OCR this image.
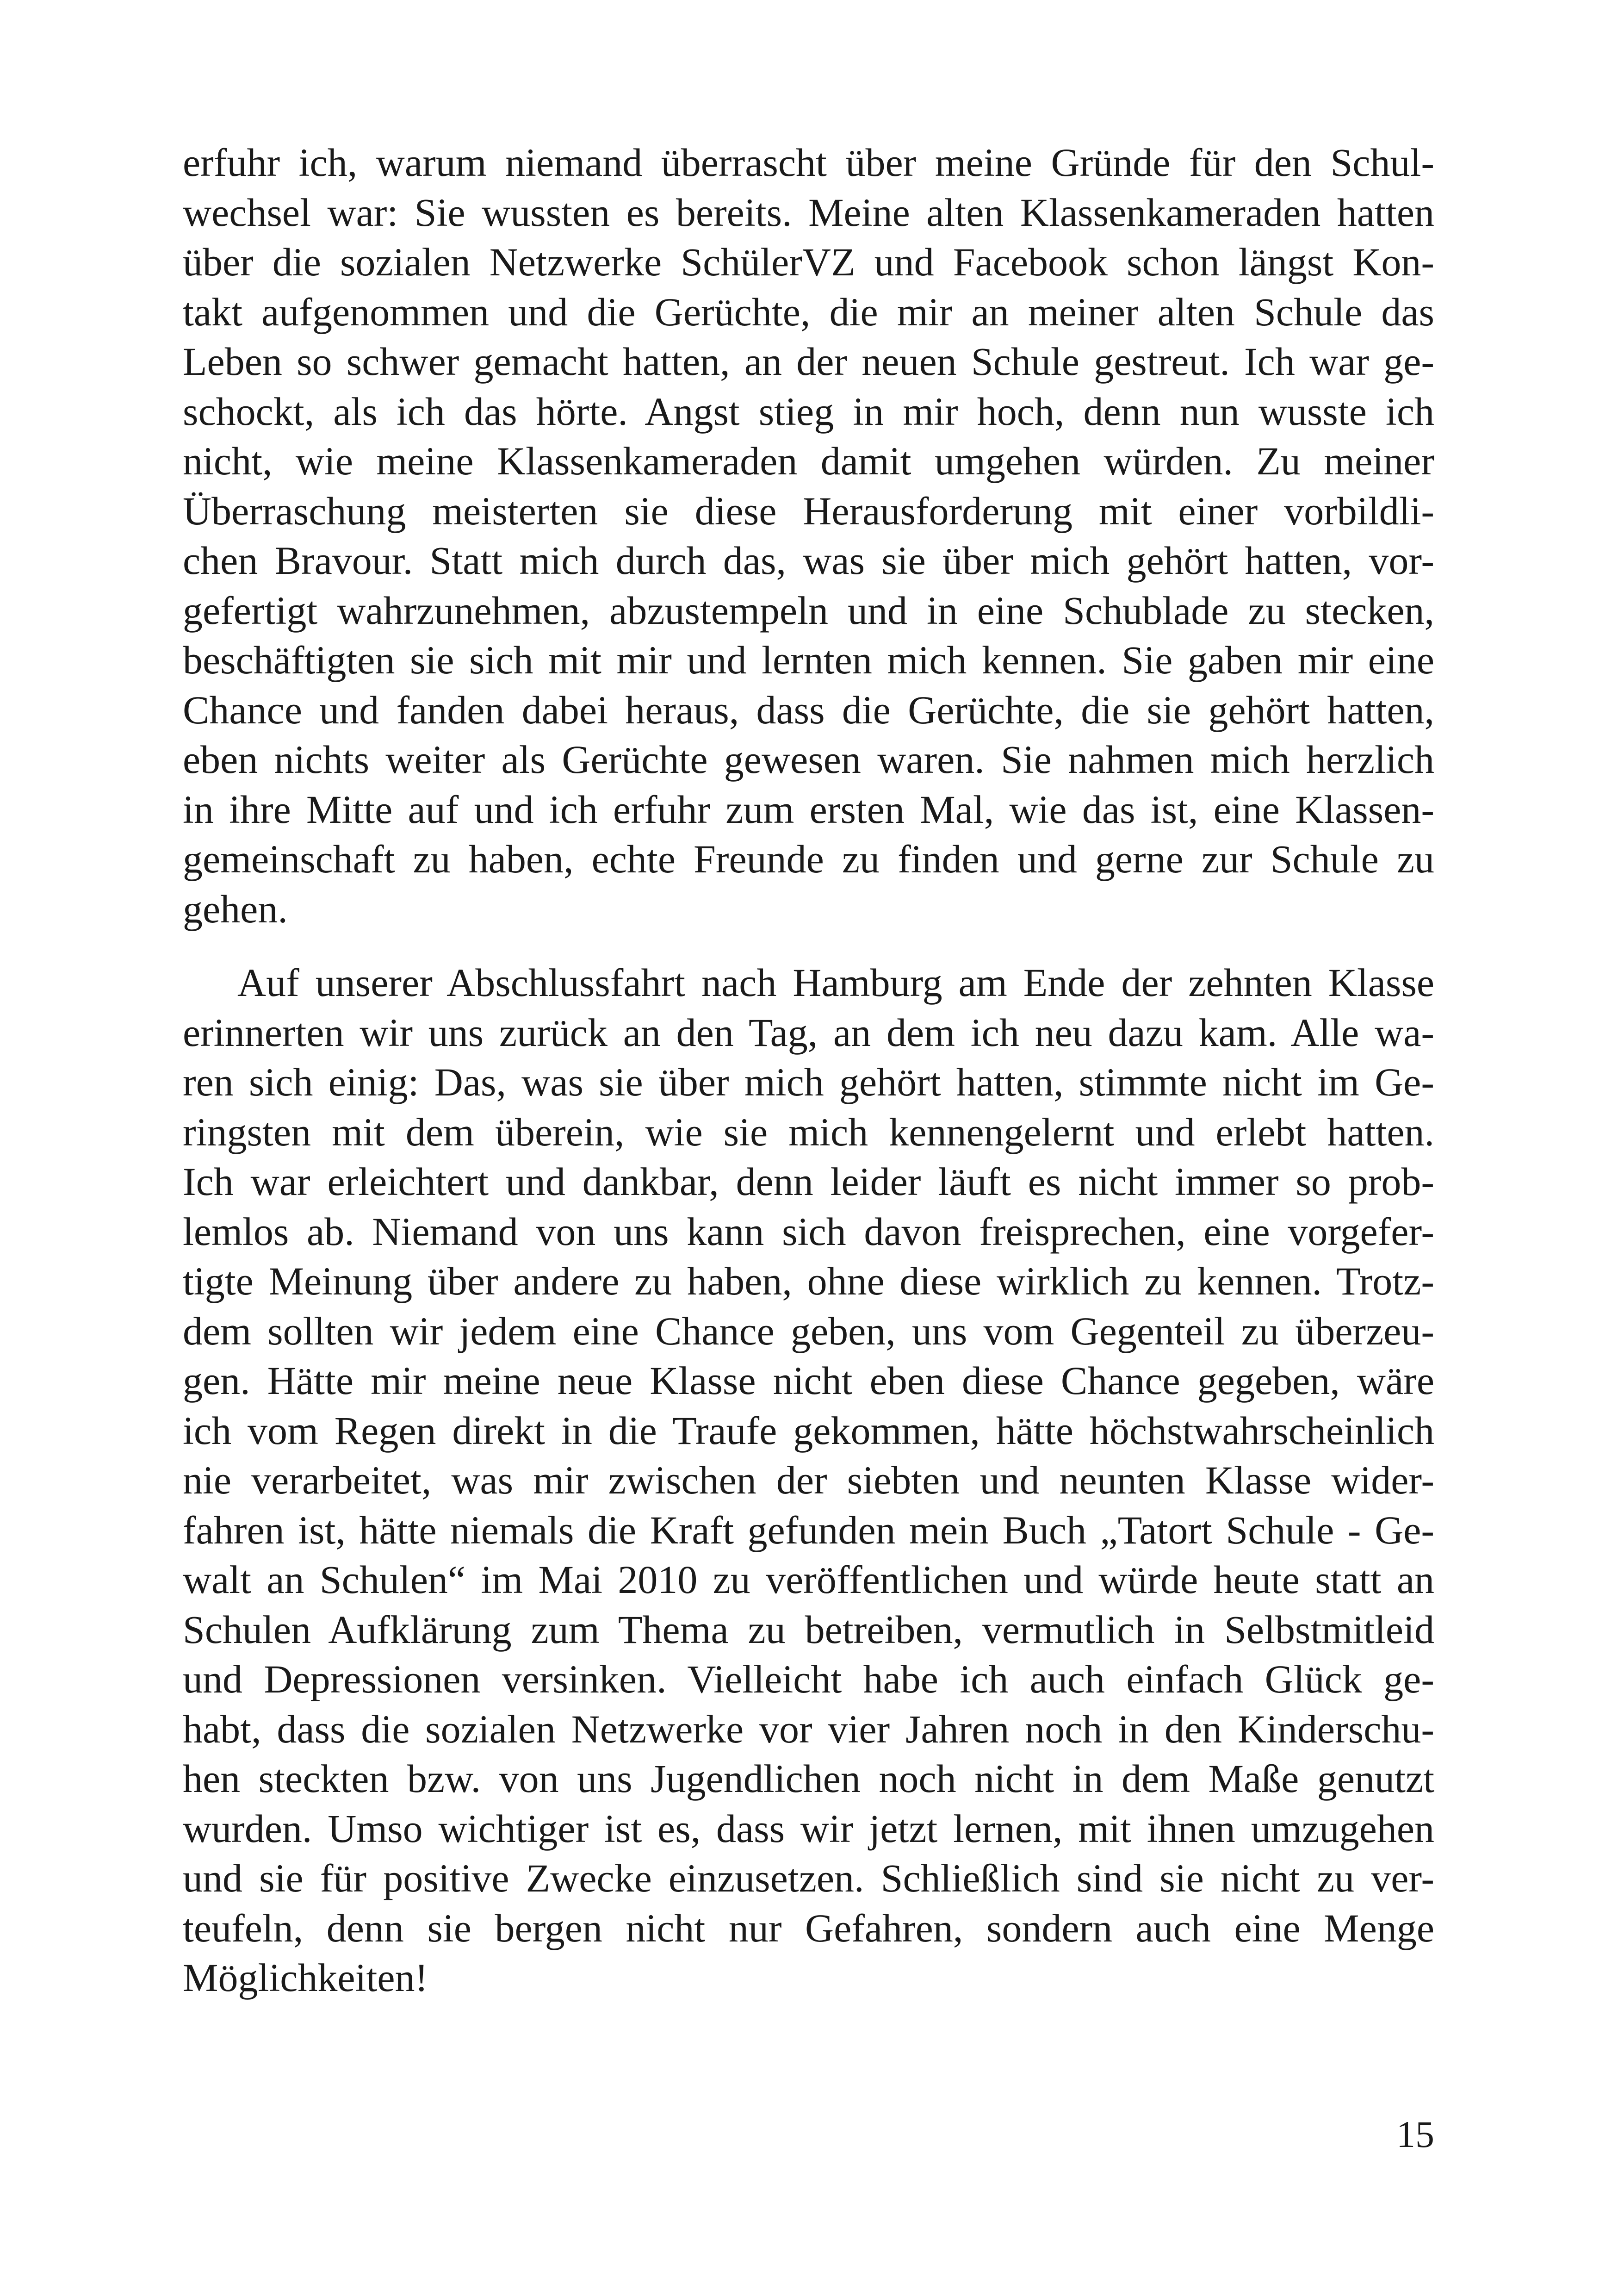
erfuhr ich, warum niemand überrascht über meine Gründe für den Schul-
wechsel war: Sie wussten es bereits. Meine alten Klassenkameraden hatten
über die sozialen Netzwerke SchülerVZ und Facebook schon längst Kon-
takt aufgenommen und die Gerüchte, die mir an meiner alten Schule das
Leben so schwer gemacht hatten, an der neuen Schule gestreut. Ich war ge-
schockt, als ich das hörte. Angst stieg in mir hoch, denn nun wusste ich
nicht, wie meine Klassenkameraden damit umgehen würden. Zu meiner
Überraschung meisterten sie diese Herausforderung mit einer vorbildli-
chen Bravour. Statt mich durch das, was sie über mich gehört hatten, vor-
gefertigt wahrzunehmen, abzustempeln und in eine Schublade zu stecken,
beschäftigten sie sich mit mir und lernten mich kennen. Sie gaben mir eine
Chance und fanden dabei heraus, dass die Gerüchte, die sie gehört hatten,
eben nichts weiter als Gerüchte gewesen waren. Sie nahmen mich herzlich
in ihre Mitte auf und ich erfuhr zum ersten Mal, wie das ist, eine Klassen-
gemeinschaft zu haben, echte Freunde zu finden und gerne zur Schule zu
gehen.
Auf unserer Abschlussfahrt nach Hamburg am Ende der zehnten Klasse
erinnerten wir uns zurück an den Tag, an dem ich neu dazu kam. Alle wa-
ren sich einig: Das, was sie über mich gehört hatten, stimmte nicht im Ge-
ringsten mit dem überein, wie sie mich kennengelernt und erlebt hatten.
Ich war erleichtert und dankbar, denn leider läuft es nicht immer so prob-
lemlos ab. Niemand von uns kann sich davon freisprechen, eine vorgefer-
tigte Meinung über andere zu haben, ohne diese wirklich zu kennen. Trotz-
dem sollten wir jedem eine Chance geben, uns vom Gegenteil zu überzeu-
gen. Hätte mir meine neue Klasse nicht eben diese Chance gegeben, wäre
ich vom Regen direkt in die Traufe gekommen, hätte höchstwahrscheinlich
nie verarbeitet, was mir zwischen der siebten und neunten Klasse wider-
fahren ist, hätte niemals die Kraft gefunden mein Buch „Tatort Schule - Ge-
walt an Schulen“ im Mai 2010 zu veröffentlichen und würde heute statt an
Schulen Aufklärung zum Thema zu betreiben, vermutlich in Selbstmitleid
und Depressionen versinken. Vielleicht habe ich auch einfach Glück ge-
habt, dass die sozialen Netzwerke vor vier Jahren noch in den Kinderschu-
hen steckten bzw. von uns Jugendlichen noch nicht in dem Maße genutzt
wurden. Umso wichtiger ist es, dass wir jetzt lernen, mit ihnen umzugehen
und sie für positive Zwecke einzusetzen. Schließlich sind sie nicht zu ver-
teufeln, denn sie bergen nicht nur Gefahren, sondern auch eine Menge
Möglichkeiten!
15
